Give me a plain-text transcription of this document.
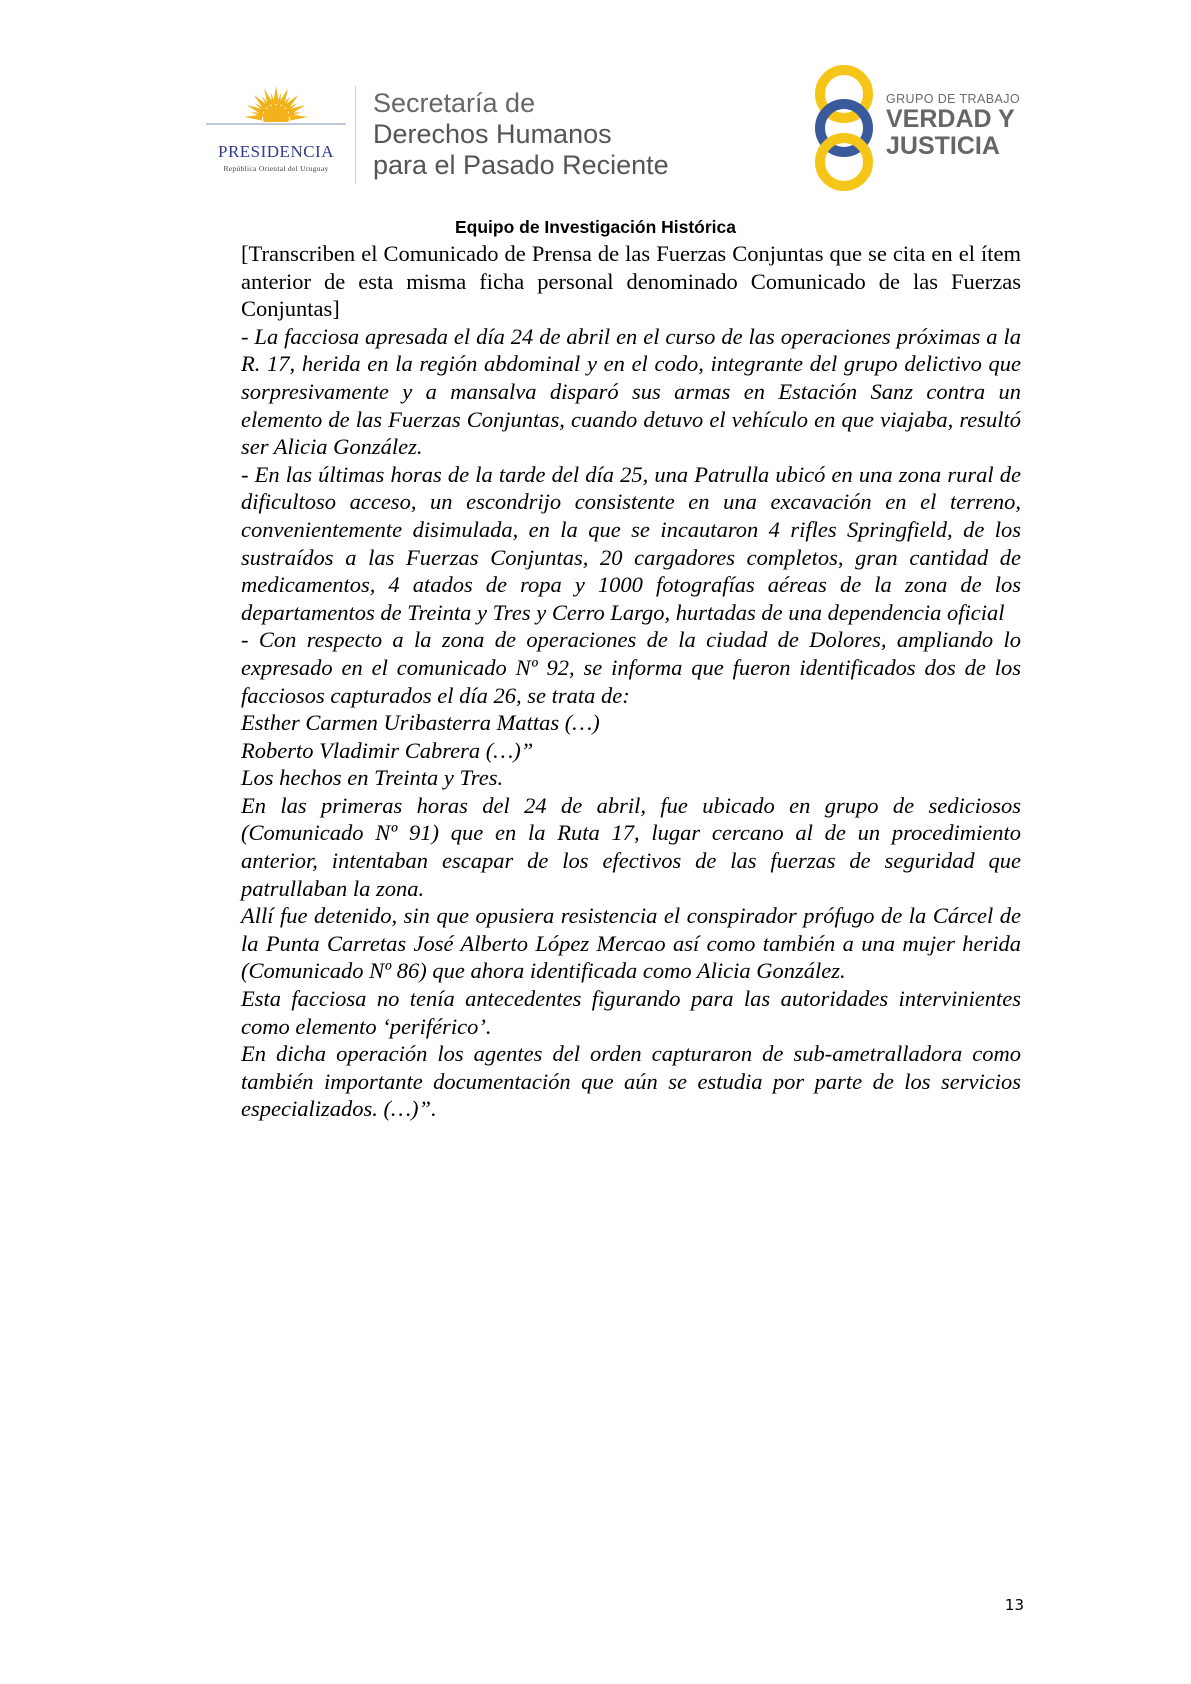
PRESIDENCIA
República Oriental del Uruguay
Secretaría de
Derechos Humanos
para el Pasado Reciente
GRUPO DE TRABAJO
VERDAD Y
JUSTICIA
Equipo de Investigación Histórica

[Transcriben el Comunicado de Prensa de las Fuerzas Conjuntas que se cita en el ítem anterior de esta misma ficha personal denominado Comunicado de las Fuerzas Conjuntas]

- La facciosa apresada el día 24 de abril en el curso de las operaciones próximas a la R. 17, herida en la región abdominal y en el codo, integrante del grupo delictivo que sorpresivamente y a mansalva disparó sus armas en Estación Sanz contra un elemento de las Fuerzas Conjuntas, cuando detuvo el vehículo en que viajaba, resultó ser Alicia González.

- En las últimas horas de la tarde del día 25, una Patrulla ubicó en una zona rural de dificultoso acceso, un escondrijo consistente en una excavación en el terreno, convenientemente disimulada, en la que se incautaron 4 rifles Springfield, de los sustraídos a las Fuerzas Conjuntas, 20 cargadores completos, gran cantidad de medicamentos, 4 atados de ropa y 1000 fotografías aéreas de la zona de los departamentos de Treinta y Tres y Cerro Largo, hurtadas de una dependencia oficial

- Con respecto a la zona de operaciones de la ciudad de Dolores, ampliando lo expresado en el comunicado Nº 92, se informa que fueron identificados dos de los facciosos capturados el día 26, se trata de:

Esther Carmen Uribasterra Mattas (…)

Roberto Vladimir Cabrera (…)”

Los hechos en Treinta y Tres.

En las primeras horas del 24 de abril, fue ubicado en grupo de sediciosos (Comunicado Nº 91) que en la Ruta 17, lugar cercano al de un procedimiento anterior, intentaban escapar de los efectivos de las fuerzas de seguridad que patrullaban la zona.

Allí fue detenido, sin que opusiera resistencia el conspirador prófugo de la Cárcel de la Punta Carretas José Alberto López Mercao así como también a una mujer herida (Comunicado Nº 86) que ahora identificada como Alicia González.

Esta facciosa no tenía antecedentes figurando para las autoridades intervinientes como elemento ‘periférico’.

En dicha operación los agentes del orden capturaron de sub-ametralladora como también importante documentación que aún se estudia por parte de los servicios especializados. (…)”.

13
